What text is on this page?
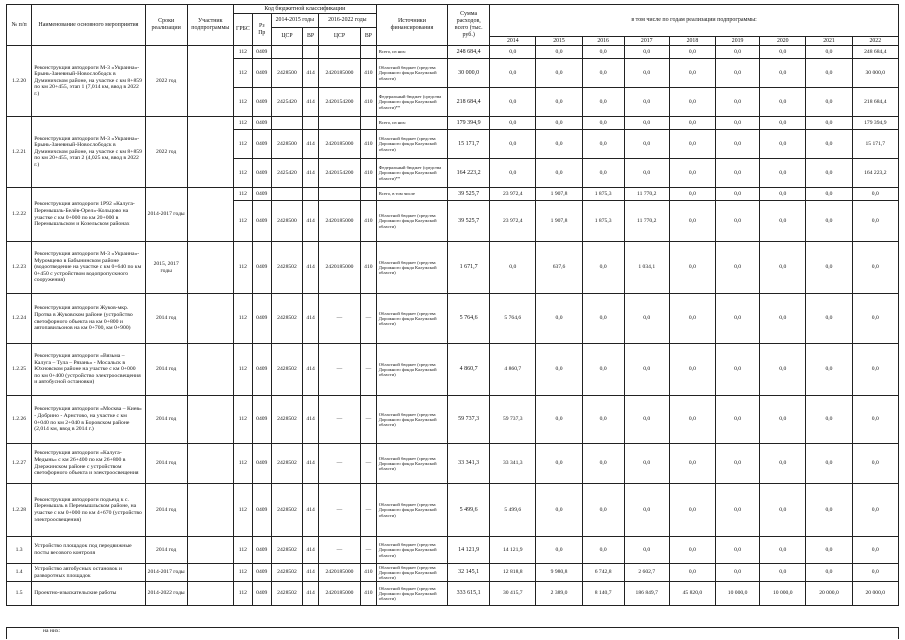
№ п/п	Наименование основного мероприятия	Сроки реализации	Участник подпрограммы	Код бюджетной классификации						Источники финансирования	Сумма расходов, всего (тыс. руб.)	в том числе по годам реализации подпрограммы:								
				ГРБС	Рз Пр	2014-2015 годы		2016-2022 годы												
						ЦСР	ВР	ЦСР	ВР											
												2014	2015	2016	2017	2018	2019	2020	2021	2022
1.2.20	Реконструкция автодороги М-3 «Украина»-Брынь-Заневный-Новослободск в Думиничском районе, на участке с км 8+859 по км 20+455, этап 1 (7,014 км, ввод в 2022 г.)	2022 год		112	0409					Всего, из них:	248 684,4	0,0	0,0	0,0	0,0	0,0	0,0	0,0	0,0	248 684,4
				112	0409	2428500	414	2420185000	410	Областной бюджет (средства Дорожного фонда Калужской области)	30 000,0	0,0	0,0	0,0	0,0	0,0	0,0	0,0	0,0	30 000,0
				112	0409	2425420	414	2420154200	410	Федеральный бюджет (средства Дорожного фонда Калужской области)**	218 684,4	0,0	0,0	0,0	0,0	0,0	0,0	0,0	0,0	218 684,4
1.2.21	Реконструкция автодороги М-3 «Украина»-Брынь-Заневный-Новослободск в Думиничском районе, на участке с км 8+859 по км 20+455, этап 2 (4,025 км, ввод в 2022 г.)	2022 год		112	0409					Всего, из них:	179 394,9	0,0	0,0	0,0	0,0	0,0	0,0	0,0	0,0	179 394,9
				112	0409	2428500	414	2420185000	410	Областной бюджет (средства Дорожного фонда Калужской области)	15 171,7	0,0	0,0	0,0	0,0	0,0	0,0	0,0	0,0	15 171,7
				112	0409	2425420	414	2420154200	410	Федеральный бюджет (средства Дорожного фонда Калужской области)**	164 223,2	0,0	0,0	0,0	0,0	0,0	0,0	0,0	0,0	164 223,2
1.2.22	Реконструкция автодороги 1Р92 «Калуга-Перемышль-Белёв-Орел»-Кольцово на участке с км 0+000 по км 20+000 в Перемышльском и Козельском районах	2014-2017 годы		112	0409					Всего, в том числе	39 525,7	23 972,4	1 907,8	1 875,3	11 770,2	0,0	0,0	0,0	0,0	0,0
				112	0409	2428500	414	2420185000	410	Областной бюджет (средства Дорожного фонда Калужской области)	39 525,7	23 972,4	1 907,8	1 875,3	11 770,2	0,0	0,0	0,0	0,0	0,0
1.2.23	Реконструкция автодороги М-3 «Украина»-Муромцево в Бабынинском районе (водоотведение на участке с км 0+640 по км 0+450 с устройством водопропускного сооружения)	2015, 2017 годы		112	0409	2428502	414	2420185000	410	Областной бюджет (средства Дорожного фонда Калужской области)	1 671,7	0,0	637,6	0,0	1 034,1	0,0	0,0	0,0	0,0	0,0
1.2.24	Реконструкция автодороги Жуков-мкр. Протва в Жуковском районе (устройство светофорного объекта на км 0+800 и автопавильонов на км 0+700, км 0+900)	2014 год		112	0409	2428502	414	—	—	Областной бюджет (средства Дорожного фонда Калужской области)	5 764,6	5 764,6	0,0	0,0	0,0	0,0	0,0	0,0	0,0	0,0
1.2.25	Реконструкция автодороги «Вязьма – Калуга – Тула – Рязань» - Мосальск в Юхновском районе на участке с км 0+000 по км 0+400 (устройство электроосвещения и автобусной остановки)	2014 год		112	0409	2428502	414	—	—	Областной бюджет (средства Дорожного фонда Калужской области)	4 860,7	4 860,7	0,0	0,0	0,0	0,0	0,0	0,0	0,0	0,0
1.2.26	Реконструкция автодороги «Москва – Киев» - Добрино - Арнстово, на участке с км 0+040 по км 2+040 в Боровском районе (2,014 км, ввод в 2014 г.)	2014 год		112	0409	2428502	414	—	—	Областной бюджет (средства Дорожного фонда Калужской области)	59 737,3	59 737,3	0,0	0,0	0,0	0,0	0,0	0,0	0,0	0,0
1.2.27	Реконструкция автодороги «Калуга-Медынь» с км 26+400 по км 26+800 в Дзержинском районе с устройством светофорного объекта и электроосвещения	2014 год		112	0409	2428502	414	—	—	Областной бюджет (средства Дорожного фонда Калужской области)	33 341,3	33 341,3	0,0	0,0	0,0	0,0	0,0	0,0	0,0	0,0
1.2.28	Реконструкция автодороги подъезд к с. Перемышль в Перемышльском районе, на участке с км 0+000 по км 4+670 (устройство электроосвещения)	2014 год		112	0409	2428502	414	—	—	Областной бюджет (средства Дорожного фонда Калужской области)	5 499,6	5 499,6	0,0	0,0	0,0	0,0	0,0	0,0	0,0	0,0
1.3	Устройство площадок под передвижные посты весового контроля	2014 год		112	0409	2428502	414	—	—	Областной бюджет (средства Дорожного фонда Калужской области)	14 121,9	14 121,9	0,0	0,0	0,0	0,0	0,0	0,0	0,0	0,0
1.4	Устройство автобусных остановок и разворотных площадок	2014-2017 годы		112	0409	2428502	414	2420185000	410	Областной бюджет (средства Дорожного фонда Калужской области)	32 145,1	12 818,8	9 980,8	6 742,8	2 602,7	0,0	0,0	0,0	0,0	0,0
1.5	Проектно-изыскательские работы	2014-2022 годы		112	0409	2428502	414	2420185000	410	Областной бюджет (средства Дорожного фонда Калужской области)	333 615,1	30 415,7	2 389,0	8 140,7	186 849,7	45 820,0	10 000,0	10 000,0	20 000,0	20 000,0
на них:
